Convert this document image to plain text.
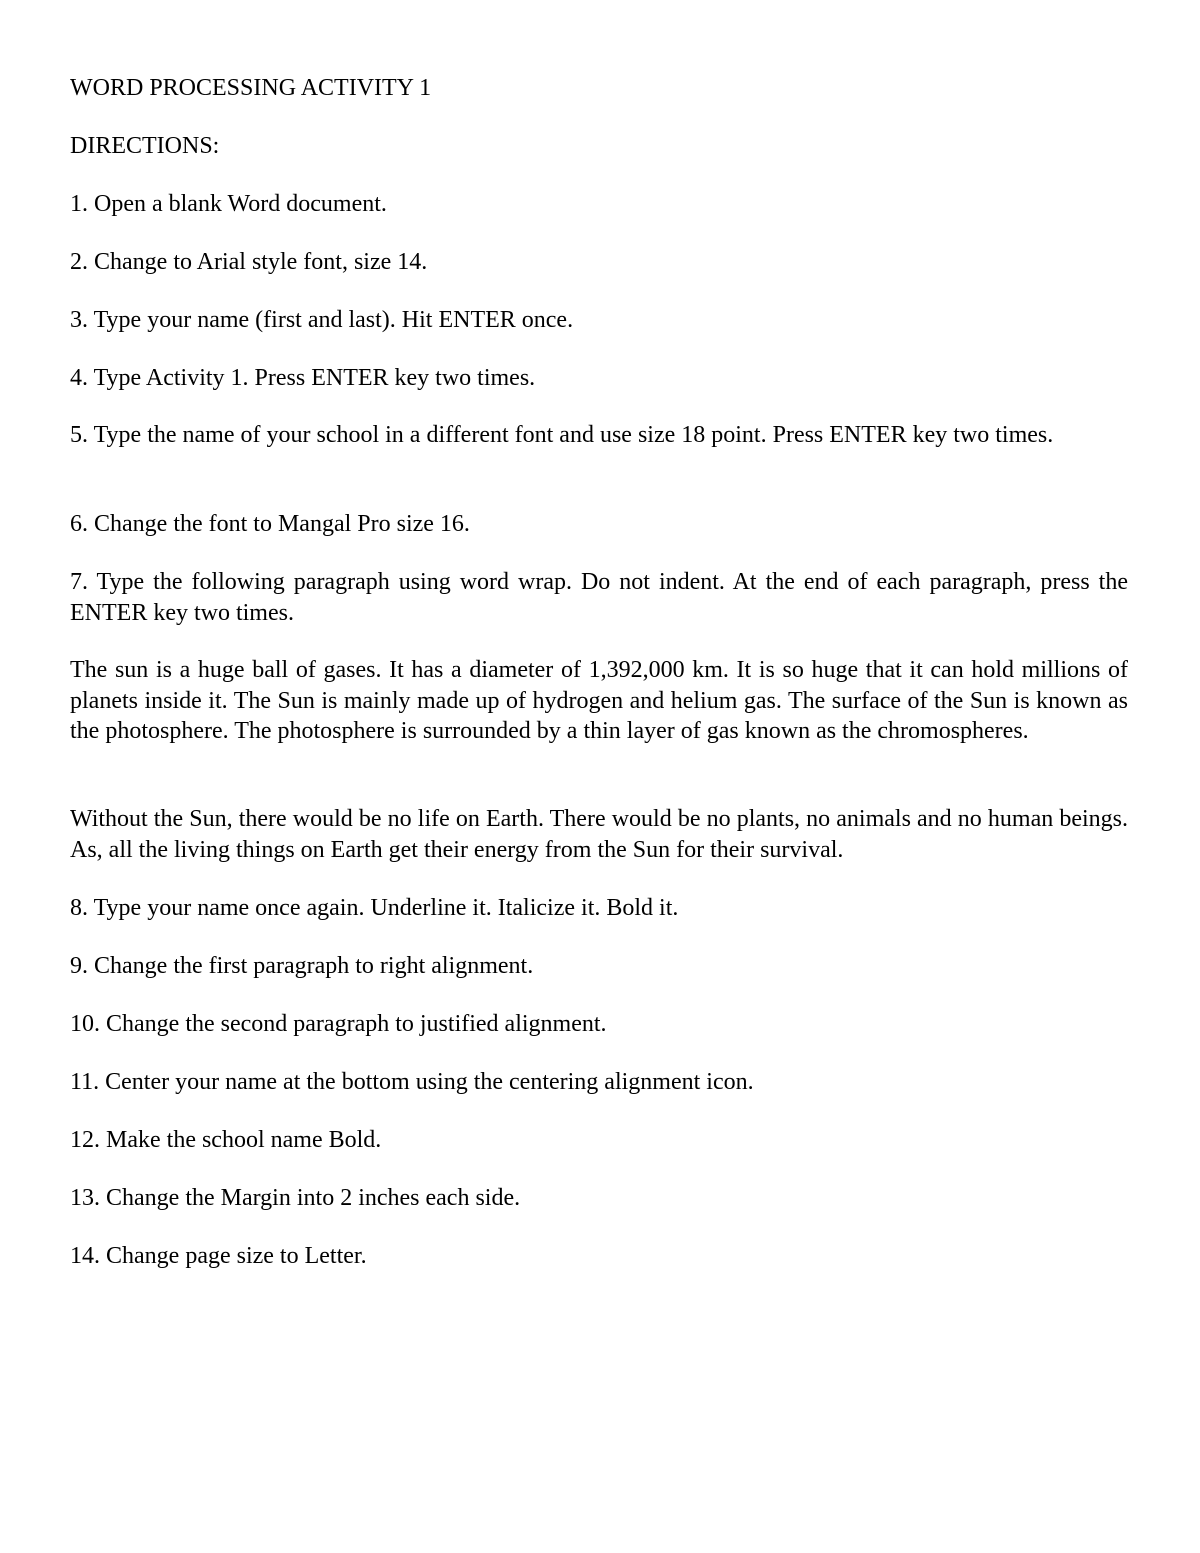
WORD PROCESSING ACTIVITY 1

DIRECTIONS:

1. Open a blank Word document.

2. Change to Arial style font, size 14.

3. Type your name (first and last). Hit ENTER once.

4. Type Activity 1. Press ENTER key two times.

5. Type the name of your school in a different font and use size 18 point. Press ENTER key two times.

6. Change the font to Mangal Pro size 16.

7. Type the following paragraph using word wrap. Do not indent. At the end of each paragraph, press the ENTER key two times.

The sun is a huge ball of gases. It has a diameter of 1,392,000 km. It is so huge that it can hold millions of planets inside it. The Sun is mainly made up of hydrogen and helium gas. The surface of the Sun is known as the photosphere. The photosphere is surrounded by a thin layer of gas known as the chromospheres.

Without the Sun, there would be no life on Earth. There would be no plants, no animals and no human beings. As, all the living things on Earth get their energy from the Sun for their survival.

8. Type your name once again. Underline it. Italicize it. Bold it.

9. Change the first paragraph to right alignment.

10. Change the second paragraph to justified alignment.

11. Center your name at the bottom using the centering alignment icon.

12. Make the school name Bold.

13. Change the Margin into 2 inches each side.

14. Change page size to Letter.
